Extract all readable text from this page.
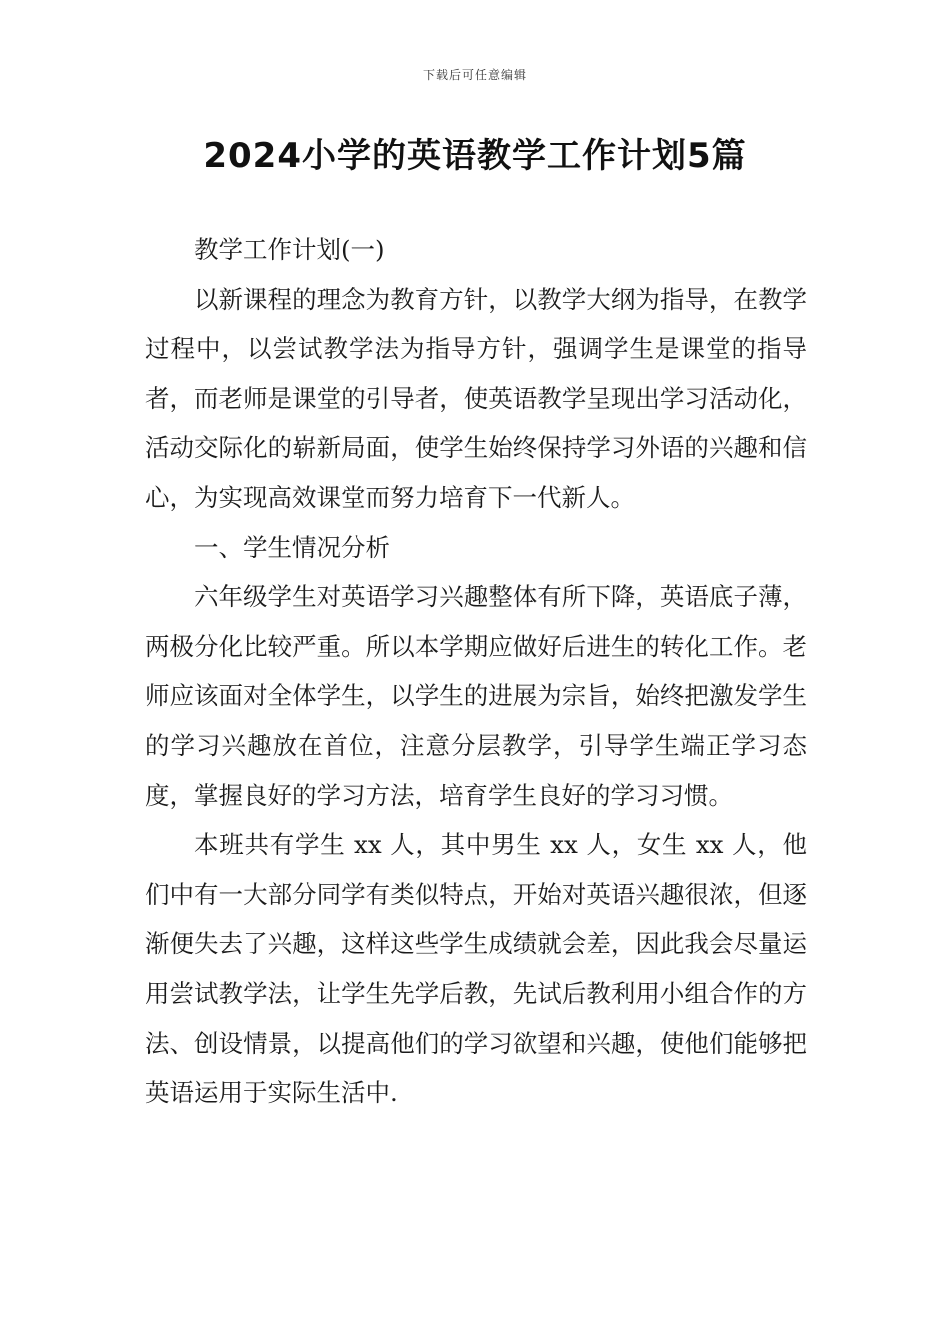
下载后可任意编辑
2024小学的英语教学工作计划5篇

教学工作计划(一)

以新课程的理念为教育方针，以教学大纲为指导，在教学过程中，以尝试教学法为指导方针，强调学生是课堂的指导者，而老师是课堂的引导者，使英语教学呈现出学习活动化，活动交际化的崭新局面，使学生始终保持学习外语的兴趣和信心，为实现高效课堂而努力培育下一代新人。

一、学生情况分析

六年级学生对英语学习兴趣整体有所下降，英语底子薄，两极分化比较严重。所以本学期应做好后进生的转化工作。老师应该面对全体学生，以学生的进展为宗旨，始终把激发学生的学习兴趣放在首位，注意分层教学，引导学生端正学习态度，掌握良好的学习方法，培育学生良好的学习习惯。

本班共有学生 xx 人，其中男生 xx 人，女生 xx 人，他们中有一大部分同学有类似特点，开始对英语兴趣很浓，但逐渐便失去了兴趣，这样这些学生成绩就会差，因此我会尽量运用尝试教学法，让学生先学后教，先试后教利用小组合作的方法、创设情景，以提高他们的学习欲望和兴趣，使他们能够把英语运用于实际生活中.
